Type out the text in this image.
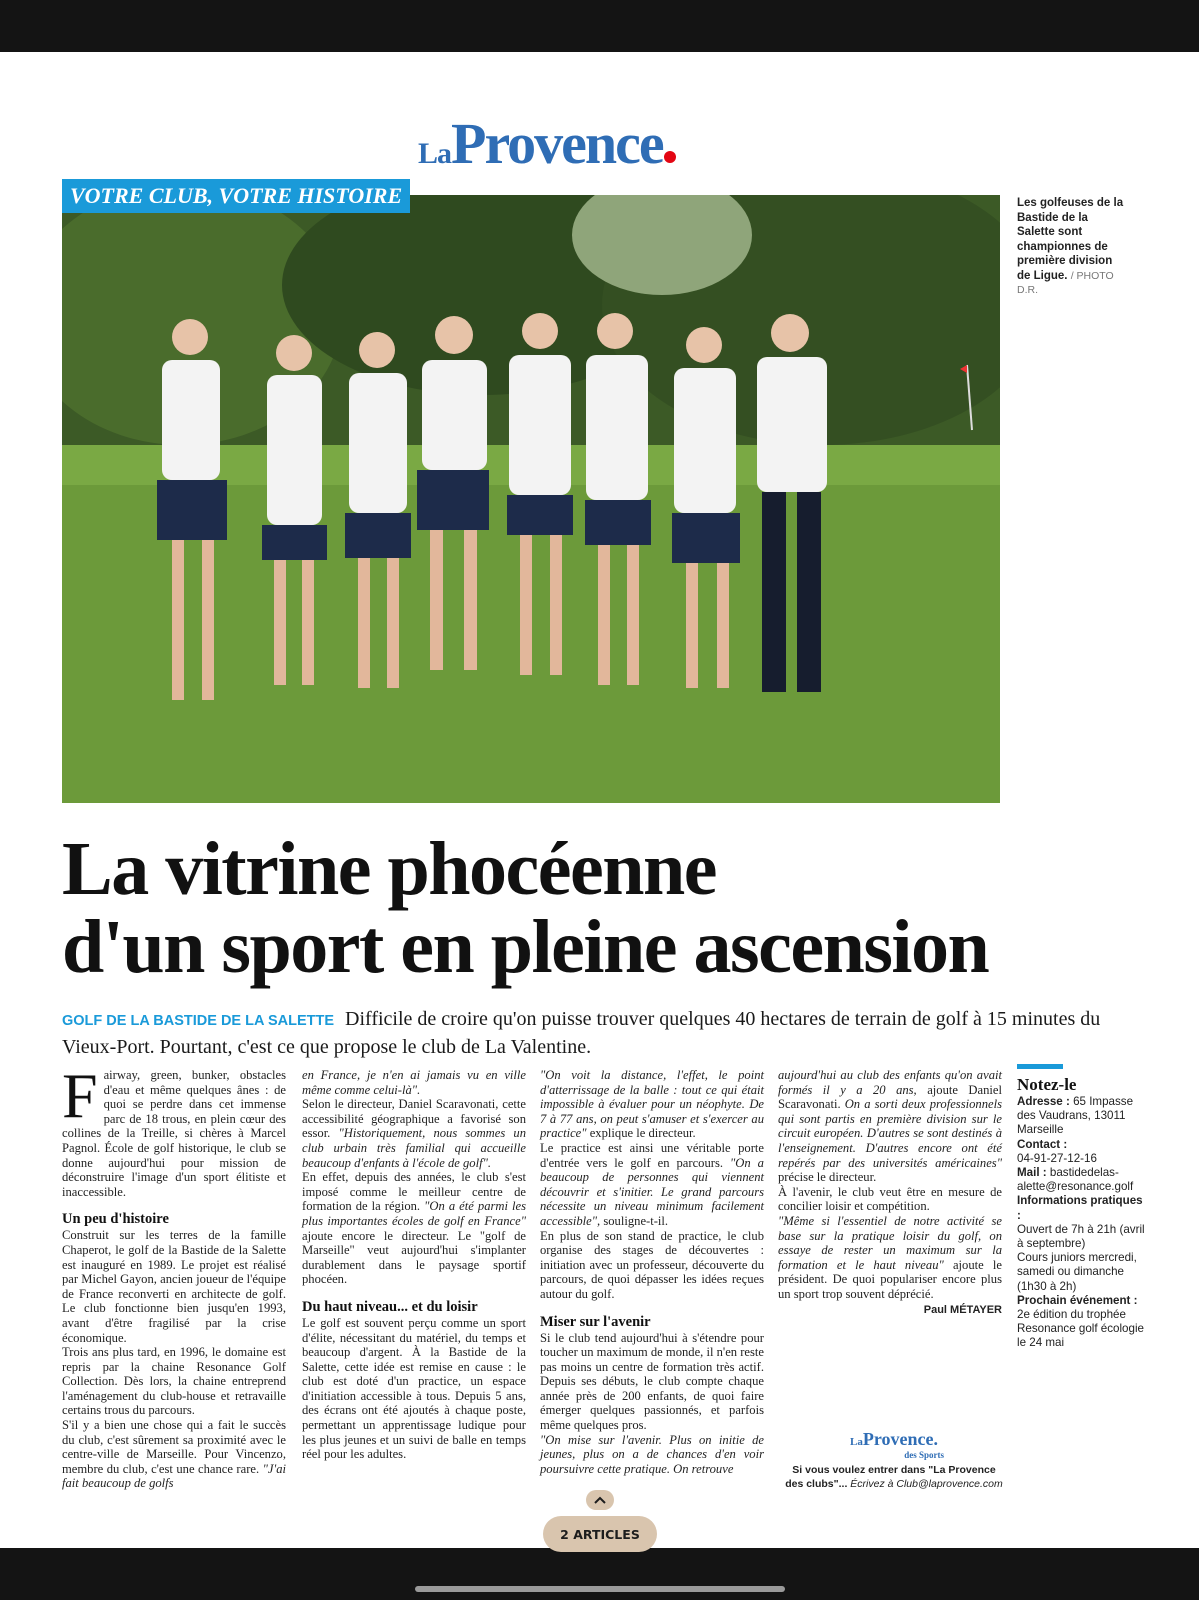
LaProvence
VOTRE CLUB, VOTRE HISTOIRE	Les golfeuses de la Bastide de la Salette sont championnes de première division de Ligue. / PHOTO D.R.
La vitrine phocéenne
d'un sport en pleine ascension
GOLF DE LA BASTIDE DE LA SALETTE Difficile de croire qu'on puisse trouver quelques 40 hectares de terrain de golf à 15 minutes du Vieux-Port. Pourtant, c'est ce que propose le club de La Valentine.

F airway, green, bunker, obstacles d'eau et même quelques ânes : de quoi se perdre dans cet immense parc de 18 trous, en plein cœur des collines de la Treille, si chères à Marcel Pagnol. École de golf historique, le club se donne aujourd'hui pour mission de déconstruire l'image d'un sport élitiste et inaccessible.

Un peu d'histoire

Construit sur les terres de la famille Chaperot, le golf de la Bastide de la Salette est inauguré en 1989. Le projet est réalisé par Michel Gayon, ancien joueur de l'équipe de France reconverti en architecte de golf. Le club fonctionne bien jusqu'en 1993, avant d'être fragilisé par la crise économique.

Trois ans plus tard, en 1996, le domaine est repris par la chaine Resonance Golf Collection. Dès lors, la chaine entreprend l'aménagement du club-house et retravaille certains trous du parcours.

S'il y a bien une chose qui a fait le succès du club, c'est sûrement sa proximité avec le centre-ville de Marseille. Pour Vincenzo, membre du club, c'est une chance rare. "J'ai fait beaucoup de golfs

en France, je n'en ai jamais vu en ville même comme celui-là".

Selon le directeur, Daniel Scaravonati, cette accessibilité géographique a favorisé son essor. "Historiquement, nous sommes un club urbain très familial qui accueille beaucoup d'enfants à l'école de golf".

En effet, depuis des années, le club s'est imposé comme le meilleur centre de formation de la région. "On a été parmi les plus importantes écoles de golf en France" ajoute encore le directeur. Le "golf de Marseille" veut aujourd'hui s'implanter durablement dans le paysage sportif phocéen.

Du haut niveau... et du loisir

Le golf est souvent perçu comme un sport d'élite, nécessitant du matériel, du temps et beaucoup d'argent. À la Bastide de la Salette, cette idée est remise en cause : le club est doté d'un practice, un espace d'initiation accessible à tous. Depuis 5 ans, des écrans ont été ajoutés à chaque poste, permettant un apprentissage ludique pour les plus jeunes et un suivi de balle en temps réel pour les adultes.

"On voit la distance, l'effet, le point d'atterrissage de la balle : tout ce qui était impossible à évaluer pour un néophyte. De 7 à 77 ans, on peut s'amuser et s'exercer au practice" explique le directeur.

Le practice est ainsi une véritable porte d'entrée vers le golf en parcours. "On a beaucoup de personnes qui viennent découvrir et s'initier. Le grand parcours nécessite un niveau minimum facilement accessible", souligne-t-il.

En plus de son stand de practice, le club organise des stages de découvertes : initiation avec un professeur, découverte du parcours, de quoi dépasser les idées reçues autour du golf.

Miser sur l'avenir

Si le club tend aujourd'hui à s'étendre pour toucher un maximum de monde, il n'en reste pas moins un centre de formation très actif. Depuis ses débuts, le club compte chaque année près de 200 enfants, de quoi faire émerger quelques passionnés, et parfois même quelques pros.

"On mise sur l'avenir. Plus on initie de jeunes, plus on a de chances d'en voir poursuivre cette pratique. On retrouve

aujourd'hui au club des enfants qu'on avait formés il y a 20 ans, ajoute Daniel Scaravonati. On a sorti deux professionnels qui sont partis en première division sur le circuit européen. D'autres se sont destinés à l'enseignement. D'autres encore ont été repérés par des universités américaines" précise le directeur.

À l'avenir, le club veut être en mesure de concilier loisir et compétition.

"Même si l'essentiel de notre activité se base sur la pratique loisir du golf, on essaye de rester un maximum sur la formation et le haut niveau" ajoute le président. De quoi populariser encore plus un sport trop souvent déprécié.

Paul MÉTAYER
Notez-le
Adresse : 65 Impasse des Vaudrans, 13011 Marseille
Contact :
04-91-27-12-16
Mail : bastidedelas-alette@resonance.golf
Informations pratiques :
Ouvert de 7h à 21h (avril à septembre)
Cours juniors mercredi, samedi ou dimanche (1h30 à 2h)
Prochain événement :
2e édition du trophée Resonance golf écologie le 24 mai
LaProvence.
des Sports
Si vous voulez entrer dans "La Provence des clubs"... Écrivez à Club@laprovence.com
2 ARTICLES
